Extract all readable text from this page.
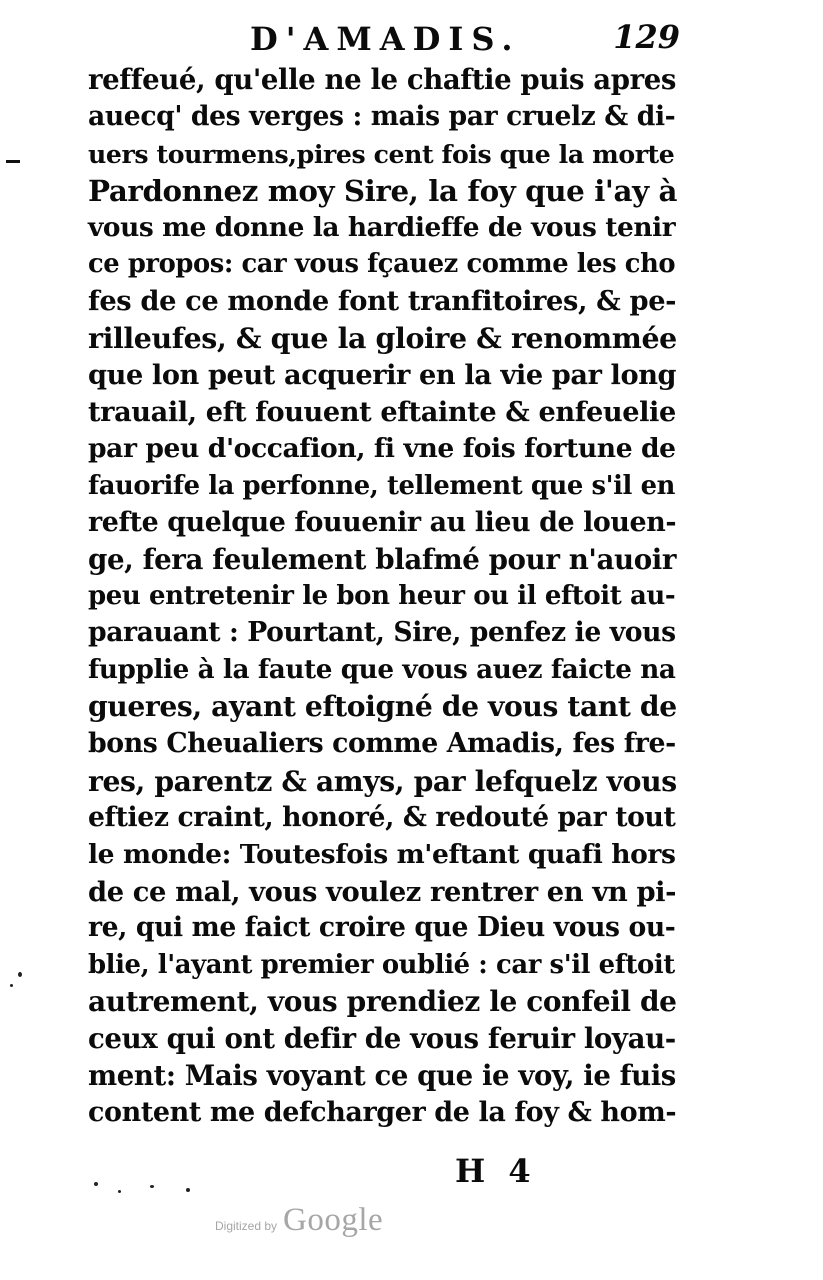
D'AMADIS.	129
reffeué, qu'elle ne le chaftie puis apres
auecq' des verges : mais par cruelz & di-
uers tourmens,pires cent fois que la morte
Pardonnez moy Sire, la foy que i'ay à
vous me donne la hardieffe de vous tenir
ce propos: car vous fçauez comme les cho
fes de ce monde font tranfitoires, & pe-
rilleufes, & que la gloire & renommée
que lon peut acquerir en la vie par long
trauail, eft fouuent eftainte & enfeuelie
par peu d'occafion, fi vne fois fortune de
fauorife la perfonne, tellement que s'il en
refte quelque fouuenir au lieu de louen-
ge, fera feulement blafmé pour n'auoir
peu entretenir le bon heur ou il eftoit au-
parauant : Pourtant, Sire, penfez ie vous
fupplie à la faute que vous auez faicte na
gueres, ayant eftoigné de vous tant de
bons Cheualiers comme Amadis, fes fre-
res, parentz & amys, par lefquelz vous
eftiez craint, honoré, & redouté par tout
le monde: Toutesfois m'eftant quafi hors
de ce mal, vous voulez rentrer en vn pi-
re, qui me faict croire que Dieu vous ou-
blie, l'ayant premier oublié : car s'il eftoit
autrement, vous prendiez le confeil de
ceux qui ont defir de vous feruir loyau-
ment: Mais voyant ce que ie voy, ie fuis
content me defcharger de la foy & hom-
H 4
Digitized by Google
